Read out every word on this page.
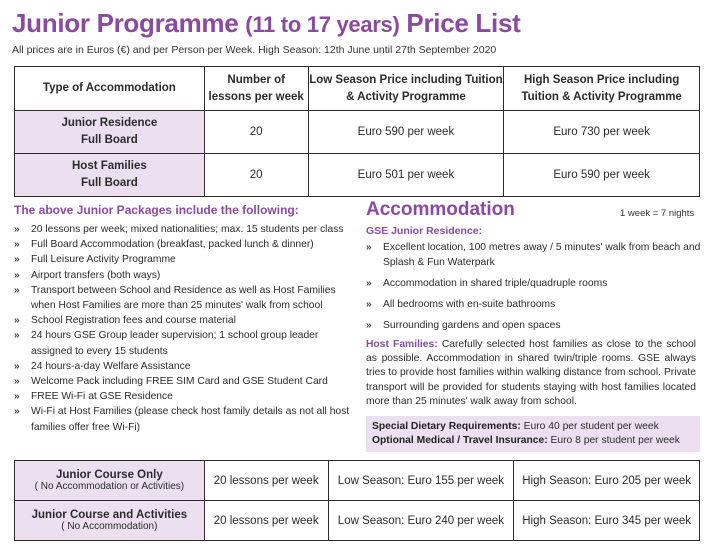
Junior Programme (11 to 17 years) Price List
All prices are in Euros (€) and per Person per Week. High Season: 12th June until 27th September 2020
Type of Accommodation	Number of lessons per week	Low Season Price including Tuition & Activity Programme	High Season Price including Tuition & Activity Programme
Junior Residence
Full Board	20	Euro 590 per week	Euro 730 per week
Host Families
Full Board	20	Euro 501 per week	Euro 590 per week
The above Junior Packages include the following:
» 20 lessons per week; mixed nationalities; max. 15 students per class
» Full Board Accommodation (breakfast, packed lunch & dinner)
» Full Leisure Activity Programme
» Airport transfers (both ways)
» Transport between School and Residence as well as Host Families when Host Families are more than 25 minutes' walk from school
» School Registration fees and course material
» 24 hours GSE Group leader supervision; 1 school group leader assigned to every 15 students
» 24 hours-a-day Welfare Assistance
» Welcome Pack including FREE SIM Card and GSE Student Card
» FREE Wi-Fi at GSE Residence
» Wi-Fi at Host Families (please check host family details as not all host families offer free Wi-Fi)
Accommodation	1 week = 7 nights
GSE Junior Residence:
» Excellent location, 100 metres away / 5 minutes' walk from beach and Splash & Fun Waterpark
» Accommodation in shared triple/quadruple rooms
» All bedrooms with en-suite bathrooms
» Surrounding gardens and open spaces
Host Families: Carefully selected host families as close to the school as possible. Accommodation in shared twin/triple rooms. GSE always tries to provide host families within walking distance from school. Private transport will be provided for students staying with host families located more than 25 minutes' walk away from school.
Special Dietary Requirements: Euro 40 per student per week
Optional Medical / Travel Insurance: Euro 8 per student per week
Junior Course Only
( No Accommodation or Activities)	20 lessons per week	Low Season: Euro 155 per week	High Season: Euro 205 per week

Junior Course and Activities
( No Accommodation)	20 lessons per week	Low Season: Euro 240 per week	High Season: Euro 345 per week
